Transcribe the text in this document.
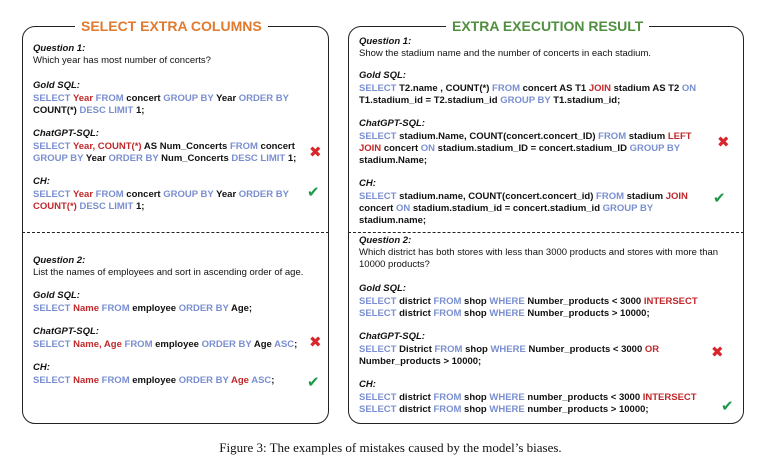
SELECT EXTRA COLUMNS
Question 1:
Which year has most number of concerts?
Gold SQL:
SELECT Year FROM concert GROUP BY Year ORDER BY
COUNT(*) DESC LIMIT 1;
ChatGPT-SQL:
SELECT Year, COUNT(*) AS Num_Concerts FROM concert
GROUP BY Year ORDER BY Num_Concerts DESC LIMIT 1;
CH:
SELECT Year FROM concert GROUP BY Year ORDER BY
COUNT(*) DESC LIMIT 1;
✖
✔
Question 2:
List the names of employees and sort in ascending order of age.
Gold SQL:
SELECT Name FROM employee ORDER BY Age;
ChatGPT-SQL:
SELECT Name, Age FROM employee ORDER BY Age ASC;
CH:
SELECT Name FROM employee ORDER BY Age ASC;
✖
✔
EXTRA EXECUTION RESULT
Question 1:
Show the stadium name and the number of concerts in each stadium.
Gold SQL:
SELECT T2.name , COUNT(*) FROM concert AS T1 JOIN stadium AS T2 ON
T1.stadium_id = T2.stadium_id GROUP BY T1.stadium_id;
ChatGPT-SQL:
SELECT stadium.Name, COUNT(concert.concert_ID) FROM stadium LEFT
JOIN concert ON stadium.stadium_ID = concert.stadium_ID GROUP BY
stadium.Name;
CH:
SELECT stadium.name, COUNT(concert.concert_id) FROM stadium JOIN
concert ON stadium.stadium_id = concert.stadium_id GROUP BY
stadium.name;
✖
✔
Question 2:
Which district has both stores with less than 3000 products and stores with more than 10000 products?
Gold SQL:
SELECT district FROM shop WHERE Number_products < 3000 INTERSECT
SELECT district FROM shop WHERE Number_products > 10000;
ChatGPT-SQL:
SELECT District FROM shop WHERE Number_products < 3000 OR
Number_products > 10000;
CH:
SELECT district FROM shop WHERE number_products < 3000 INTERSECT
SELECT district FROM shop WHERE number_products > 10000;
✖
✔
Figure 3: The examples of mistakes caused by the model’s biases.
